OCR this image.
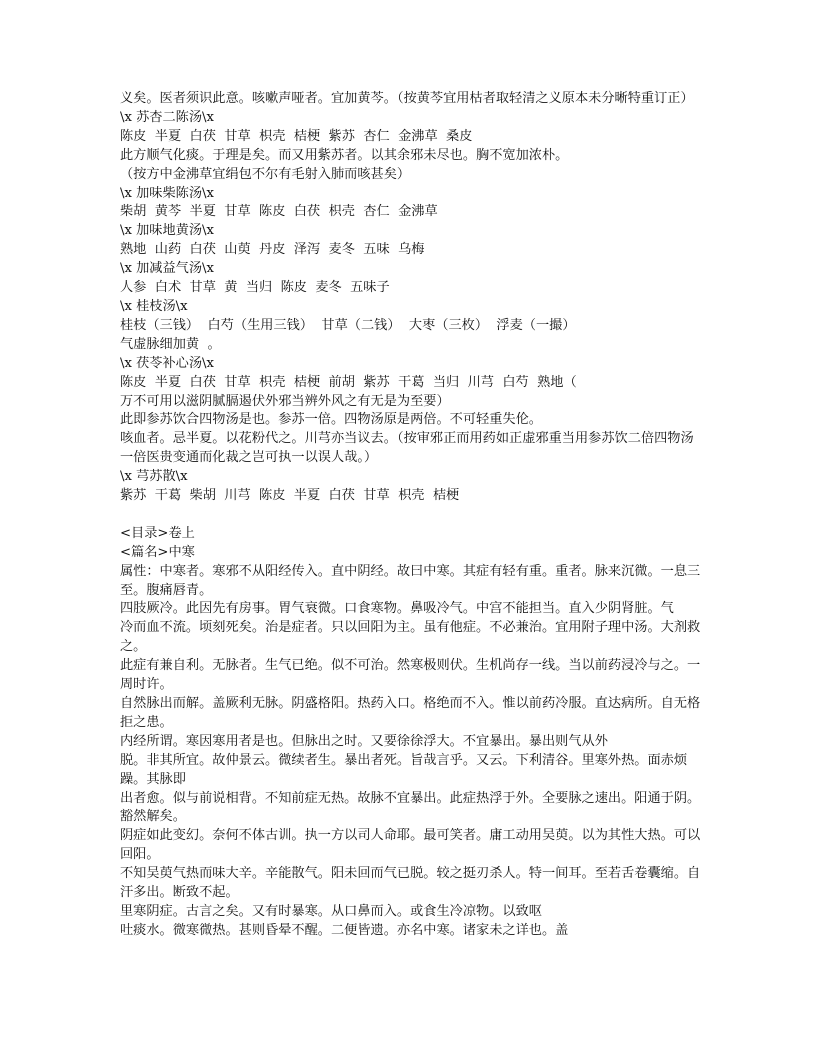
义矣。医者须识此意。咳嗽声哑者。宜加黄芩。（按黄芩宜用枯者取轻清之义原本未分晰特重订正）
\x 苏杏二陈汤\x
陈皮  半夏  白茯  甘草  枳壳  桔梗  紫苏  杏仁  金沸草  桑皮
此方顺气化痰。于理是矣。而又用紫苏者。以其余邪未尽也。胸不宽加浓朴。
（按方中金沸草宜绢包不尔有毛射入肺而咳甚矣）
\x 加味柴陈汤\x
柴胡  黄芩  半夏  甘草  陈皮  白茯  枳壳  杏仁  金沸草
\x 加味地黄汤\x
熟地  山药  白茯  山萸  丹皮  泽泻  麦冬  五味  乌梅
\x 加减益气汤\x
人参  白术  甘草  黄  当归  陈皮  麦冬  五味子
\x 桂枝汤\x
桂枝（三钱）  白芍（生用三钱）  甘草（二钱）  大枣（三枚）  浮麦（一撮）
气虚脉细加黄  。
\x 茯苓补心汤\x
陈皮  半夏  白茯  甘草  枳壳  桔梗  前胡  紫苏  干葛  当归  川芎  白芍  熟地（
万不可用以滋阴腻膈遏伏外邪当辨外风之有无是为至要）
此即参苏饮合四物汤是也。参苏一倍。四物汤原是两倍。不可轻重失伦。
咳血者。忌半夏。以花粉代之。川芎亦当议去。（按审邪正而用药如正虚邪重当用参苏饮二倍四物汤一倍医贵变通而化裁之岂可执一以误人哉。）
\x 芎苏散\x
紫苏  干葛  柴胡  川芎  陈皮  半夏  白茯  甘草  枳壳  桔梗
<目录>卷上
<篇名>中寒
属性：中寒者。寒邪不从阳经传入。直中阴经。故曰中寒。其症有轻有重。重者。脉来沉微。一息三至。腹痛唇青。
四肢厥冷。此因先有房事。胃气衰微。口食寒物。鼻吸冷气。中宫不能担当。直入少阴肾脏。气
冷而血不流。顷刻死矣。治是症者。只以回阳为主。虽有他症。不必兼治。宜用附子理中汤。大剂救之。
此症有兼自利。无脉者。生气已绝。似不可治。然寒极则伏。生机尚存一线。当以前药浸冷与之。一周时许。
自然脉出而解。盖厥利无脉。阴盛格阳。热药入口。格绝而不入。惟以前药冷服。直达病所。自无格拒之患。
内经所谓。寒因寒用者是也。但脉出之时。又要徐徐浮大。不宜暴出。暴出则气从外
脱。非其所宜。故仲景云。微续者生。暴出者死。旨哉言乎。又云。下利清谷。里寒外热。面赤烦躁。其脉即
出者愈。似与前说相背。不知前症无热。故脉不宜暴出。此症热浮于外。全要脉之速出。阳通于阴。豁然解矣。
阴症如此变幻。奈何不体古训。执一方以司人命耶。最可笑者。庸工动用吴萸。以为其性大热。可以回阳。
不知吴萸气热而味大辛。辛能散气。阳未回而气已脱。较之挺刃杀人。特一间耳。至若舌卷囊缩。自汗多出。断致不起。
里寒阴症。古言之矣。又有时暴寒。从口鼻而入。或食生冷凉物。以致呕
吐痰水。微寒微热。甚则昏晕不醒。二便皆遗。亦名中寒。诸家未之详也。盖
